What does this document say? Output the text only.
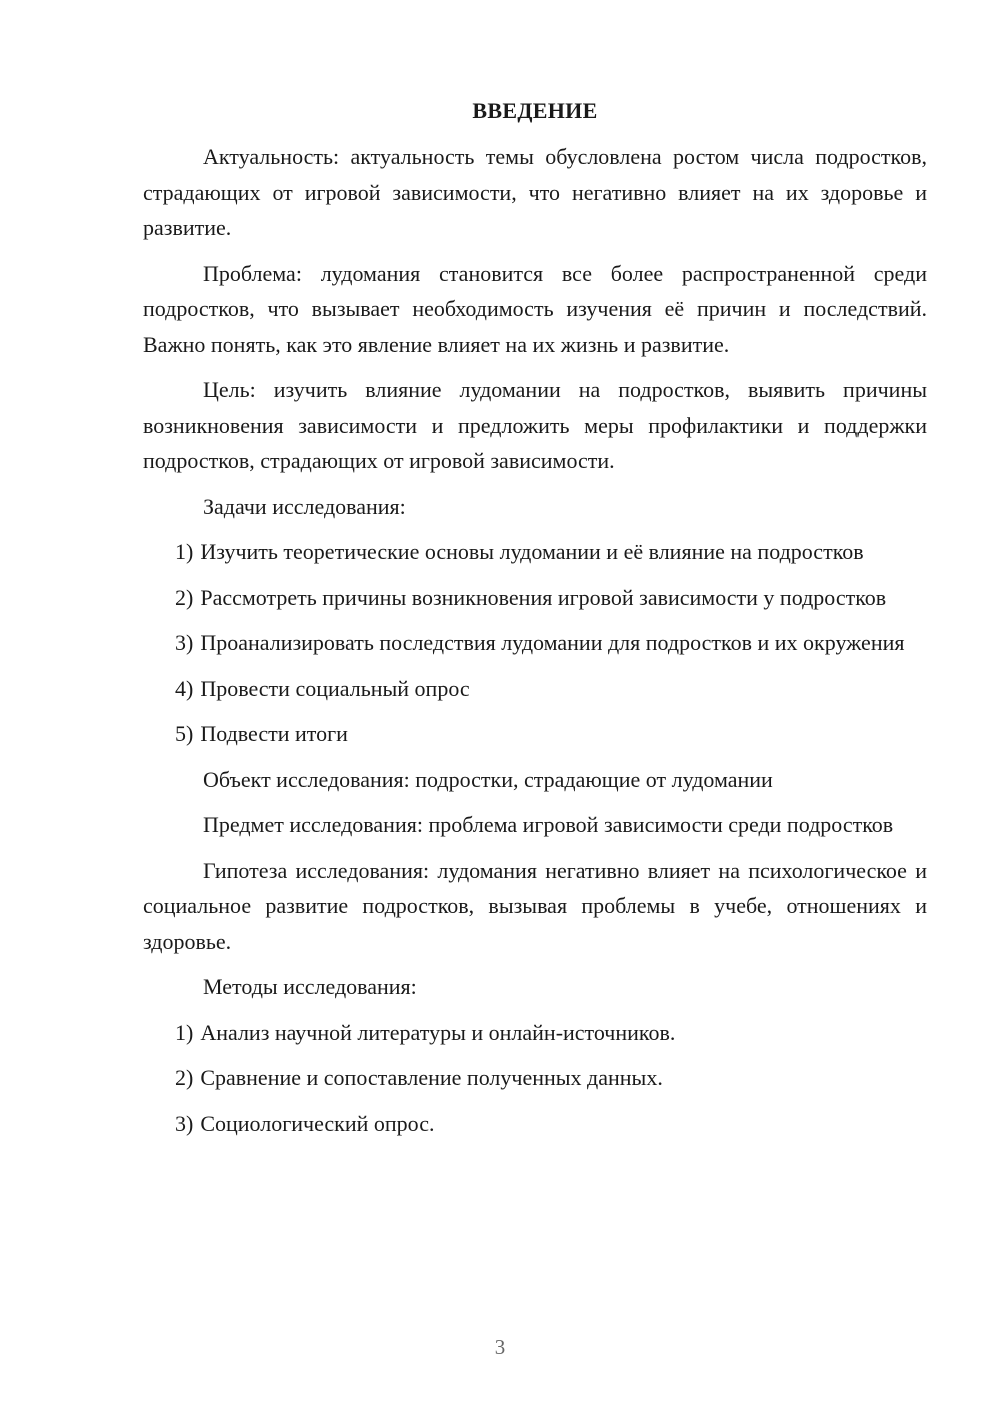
ВВЕДЕНИЕ
Актуальность: актуальность темы обусловлена ростом числа подростков, страдающих от игровой зависимости, что негативно влияет на их здоровье и развитие.
Проблема: лудомания становится все более распространенной среди подростков, что вызывает необходимость изучения её причин и последствий. Важно понять, как это явление влияет на их жизнь и развитие.
Цель: изучить влияние лудомании на подростков, выявить причины возникновения зависимости и предложить меры профилактики и поддержки подростков, страдающих от игровой зависимости.
Задачи исследования:
1) Изучить теоретические основы лудомании и её влияние на подростков
2) Рассмотреть причины возникновения игровой зависимости у подростков
3) Проанализировать последствия лудомании для подростков и их окружения
4) Провести социальный опрос
5) Подвести итоги
Объект исследования: подростки, страдающие от лудомании
Предмет исследования: проблема игровой зависимости среди подростков
Гипотеза исследования: лудомания негативно влияет на психологическое и социальное развитие подростков, вызывая проблемы в учебе, отношениях и здоровье.
Методы исследования:
1) Анализ научной литературы и онлайн-источников.
2) Сравнение и сопоставление полученных данных.
3) Социологический опрос.
3
